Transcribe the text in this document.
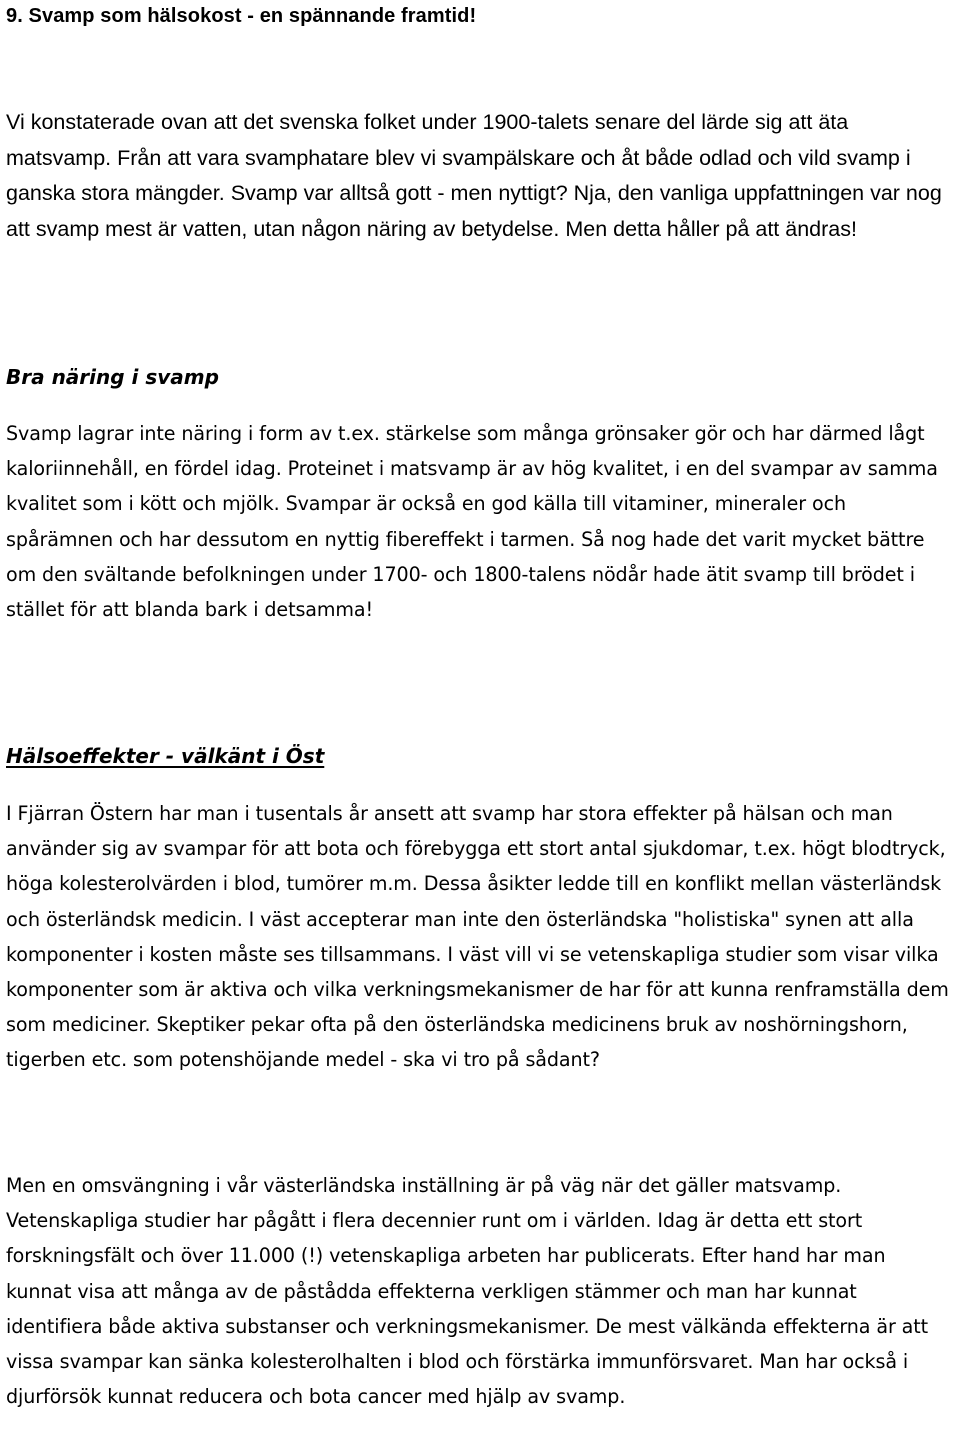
9. Svamp som hälsokost - en spännande framtid!

Vi konstaterade ovan att det svenska folket under 1900-talets senare del lärde sig att äta matsvamp. Från att vara svamphatare blev vi svampälskare och åt både odlad och vild svamp i ganska stora mängder. Svamp var alltså gott - men nyttigt? Nja, den vanliga uppfattningen var nog att svamp mest är vatten, utan någon näring av betydelse. Men detta håller på att ändras!

Bra näring i svamp

Svamp lagrar inte näring i form av t.ex. stärkelse som många grönsaker gör och har därmed lågt kaloriinnehåll, en fördel idag. Proteinet i matsvamp är av hög kvalitet, i en del svampar av samma kvalitet som i kött och mjölk. Svampar är också en god källa till vitaminer, mineraler och spårämnen och har dessutom en nyttig fibereffekt i tarmen. Så nog hade det varit mycket bättre om den svältande befolkningen under 1700- och 1800-talens nödår hade ätit svamp till brödet i stället för att blanda bark i detsamma!

Hälsoeffekter - välkänt i Öst

I Fjärran Östern har man i tusentals år ansett att svamp har stora effekter på hälsan och man använder sig av svampar för att bota och förebygga ett stort antal sjukdomar, t.ex. högt blodtryck, höga kolesterolvärden i blod, tumörer m.m. Dessa åsikter ledde till en konflikt mellan västerländsk och österländsk medicin. I väst accepterar man inte den österländska "holistiska" synen att alla komponenter i kosten måste ses tillsammans. I väst vill vi se vetenskapliga studier som visar vilka komponenter som är aktiva och vilka verkningsmekanismer de har för att kunna renframställa dem som mediciner. Skeptiker pekar ofta på den österländska medicinens bruk av noshörningshorn, tigerben etc. som potenshöjande medel - ska vi tro på sådant?

Men en omsvängning i vår västerländska inställning är på väg när det gäller matsvamp. Vetenskapliga studier har pågått i flera decennier runt om i världen. Idag är detta ett stort forskningsfält och över 11.000 (!) vetenskapliga arbeten har publicerats. Efter hand har man kunnat visa att många av de påstådda effekterna verkligen stämmer och man har kunnat identifiera både aktiva substanser och verkningsmekanismer. De mest välkända effekterna är att vissa svampar kan sänka kolesterolhalten i blod och förstärka immunförsvaret. Man har också i djurförsök kunnat reducera och bota cancer med hjälp av svamp.
